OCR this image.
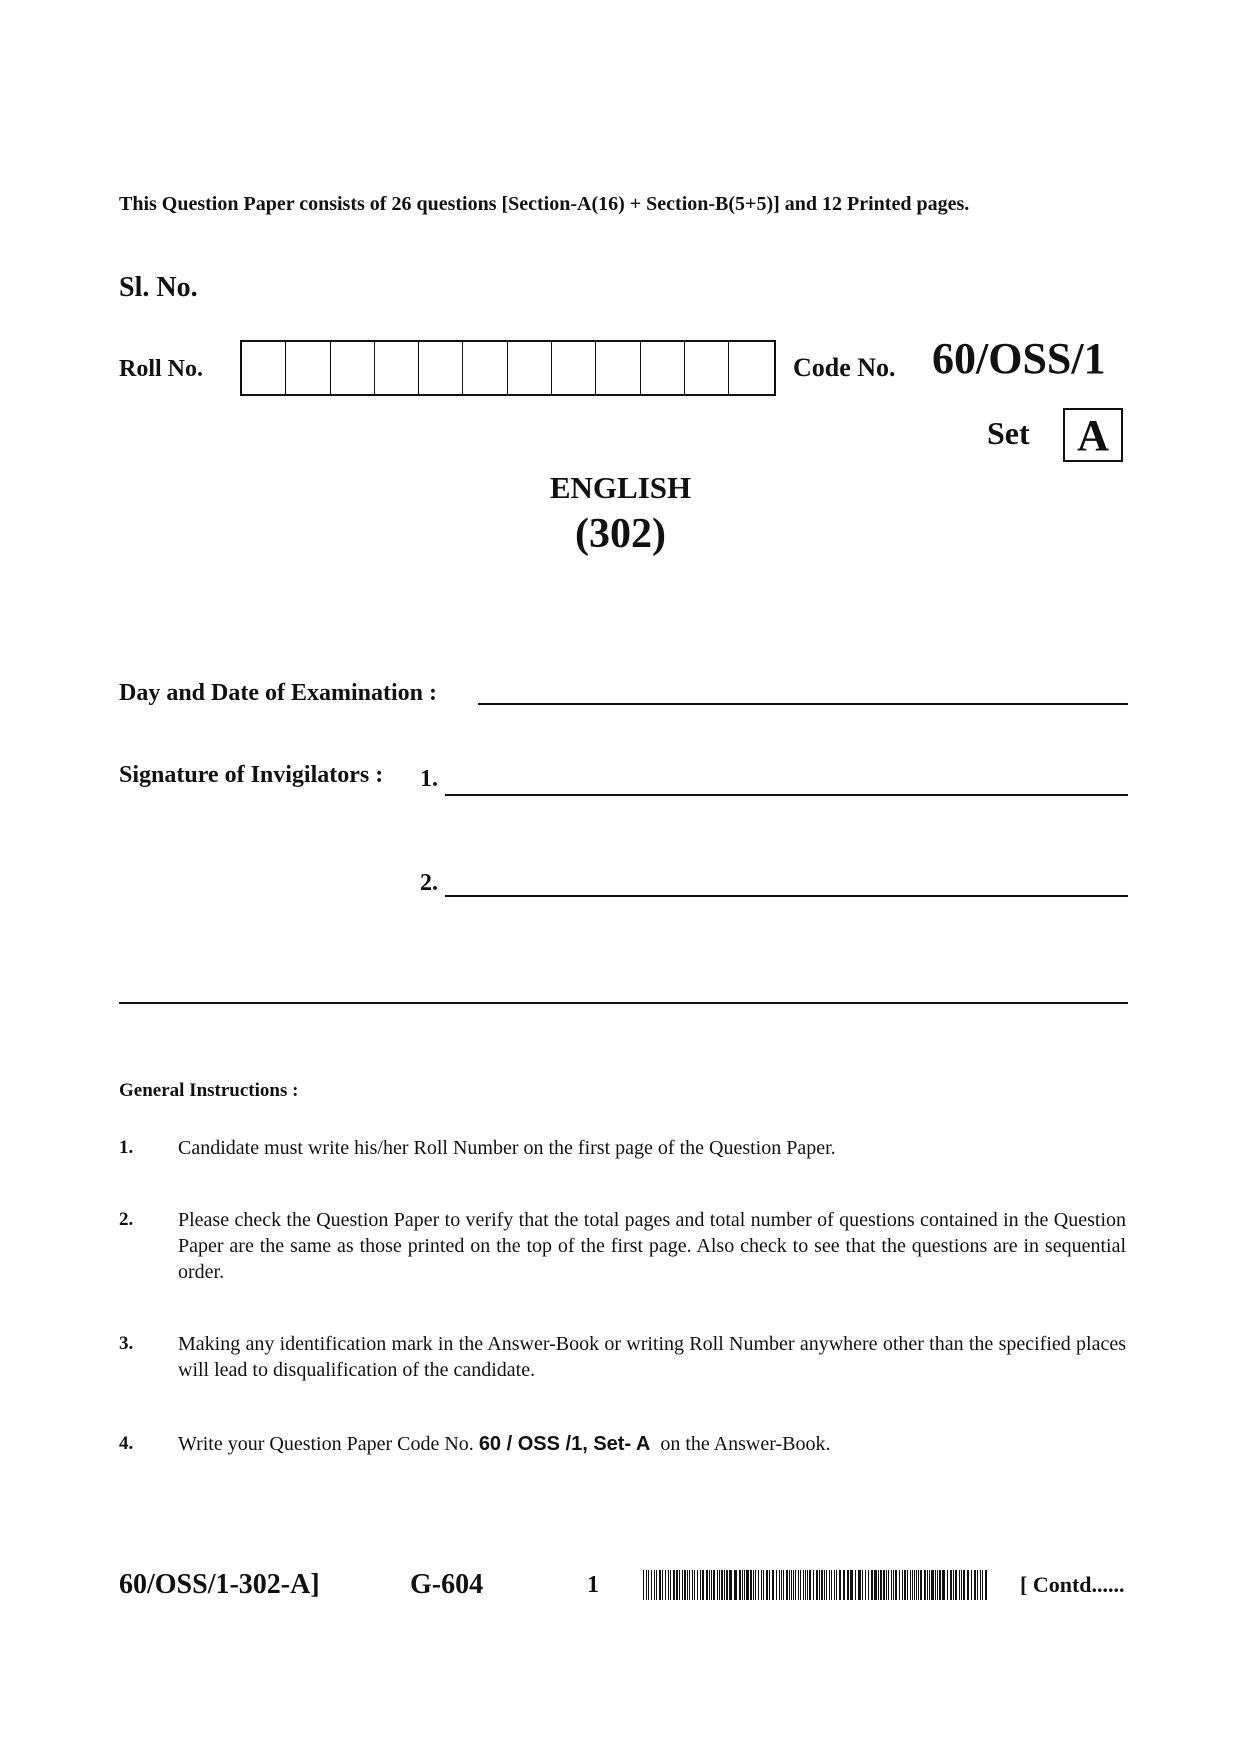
This Question Paper consists of 26 questions [Section-A(16) + Section-B(5+5)] and 12 Printed pages.
Sl. No.
Roll No.	Code No. 60/OSS/1
Set	A
ENGLISH
(302)
Day and Date of Examination :
Signature of Invigilators : 1.
2.
General Instructions :
1. Candidate must write his/her Roll Number on the first page of the Question Paper.
2. Please check the Question Paper to verify that the total pages and total number of questions contained in the Question Paper are the same as those printed on the top of the first page. Also check to see that the questions are in sequential order.
3. Making any identification mark in the Answer-Book or writing Roll Number anywhere other than the specified places will lead to disqualification of the candidate.
4. Write your Question Paper Code No. 60 / OSS /1, Set- A  on the Answer-Book.
60/OSS/1-302-A]	G-604	1	[ Contd......
